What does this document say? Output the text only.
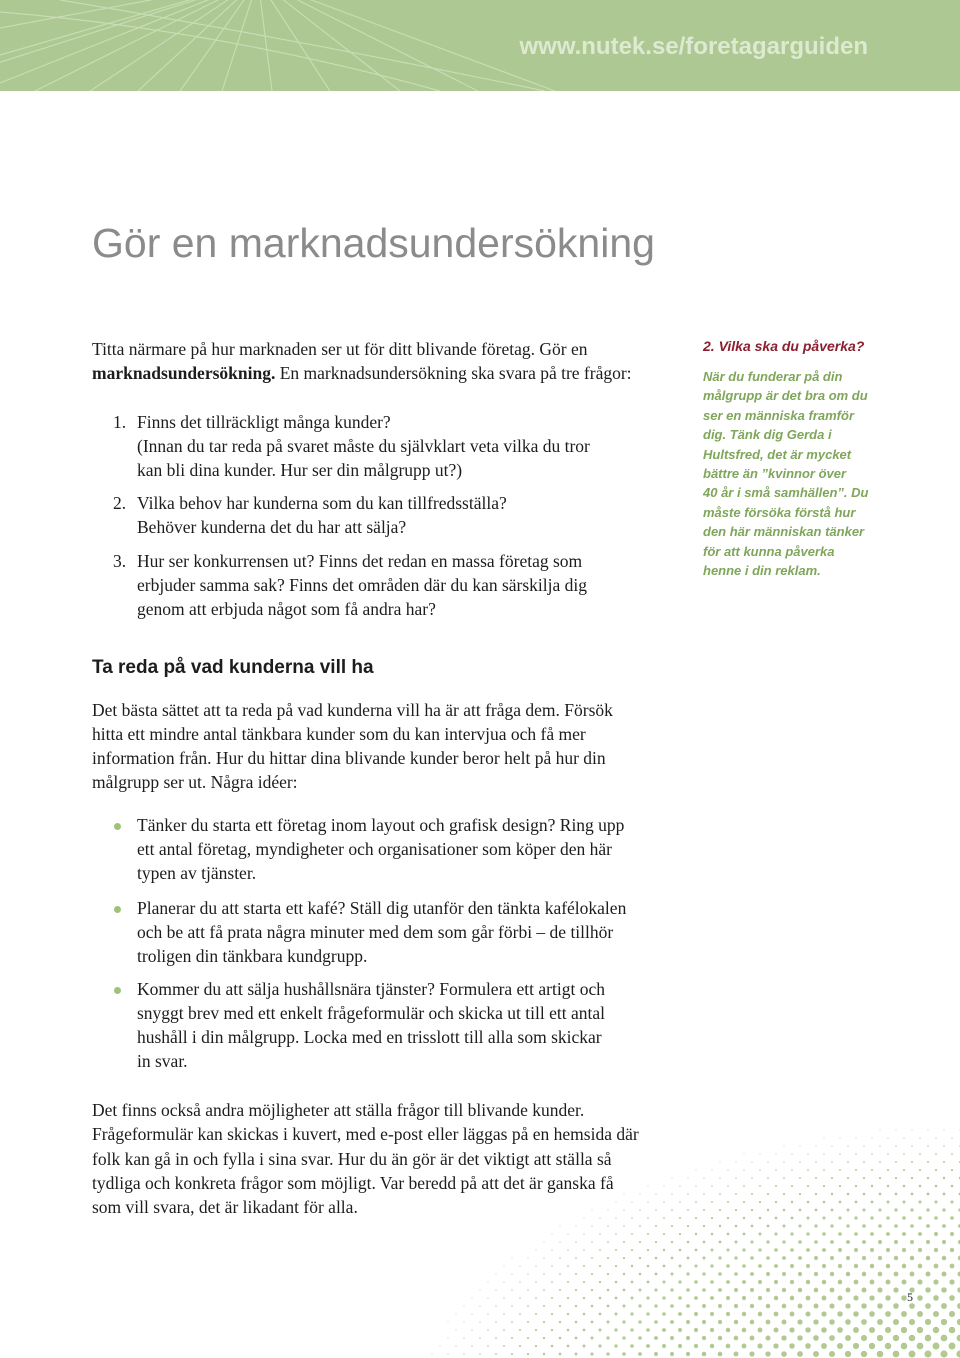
www.nutek.se/foretagarguiden
Gör en marknadsundersökning
Titta närmare på hur marknaden ser ut för ditt blivande företag. Gör en
marknadsundersökning. En marknadsundersökning ska svara på tre frågor:
1. Finns det tillräckligt många kunder?
(Innan du tar reda på svaret måste du självklart veta vilka du tror
kan bli dina kunder. Hur ser din målgrupp ut?)
2. Vilka behov har kunderna som du kan tillfredsställa?
Behöver kunderna det du har att sälja?
3. Hur ser konkurrensen ut? Finns det redan en massa företag som
erbjuder samma sak? Finns det områden där du kan särskilja dig
genom att erbjuda något som få andra har?
2. Vilka ska du påverka?
När du funderar på din
målgrupp är det bra om du
ser en människa framför
dig. Tänk dig Gerda i
Hultsfred, det är mycket
bättre än ”kvinnor över
40 år i små samhällen”. Du
måste försöka förstå hur
den här människan tänker
för att kunna påverka
henne i din reklam.
Ta reda på vad kunderna vill ha
Det bästa sättet att ta reda på vad kunderna vill ha är att fråga dem. Försök
hitta ett mindre antal tänkbara kunder som du kan intervjua och få mer
information från. Hur du hittar dina blivande kunder beror helt på hur din
målgrupp ser ut. Några idéer:
Tänker du starta ett företag inom layout och grafisk design? Ring upp
ett antal företag, myndigheter och organisationer som köper den här
typen av tjänster.
Planerar du att starta ett kafé? Ställ dig utanför den tänkta kafélokalen
och be att få prata några minuter med dem som går förbi – de tillhör
troligen din tänkbara kundgrupp.
Kommer du att sälja hushållsnära tjänster? Formulera ett artigt och
snyggt brev med ett enkelt frågeformulär och skicka ut till ett antal
hushåll i din målgrupp. Locka med en trisslott till alla som skickar
in svar.
Det finns också andra möjligheter att ställa frågor till blivande kunder.
Frågeformulär kan skickas i kuvert, med e-post eller läggas på en hemsida där
folk kan gå in och fylla i sina svar. Hur du än gör är det viktigt att ställa så
tydliga och konkreta frågor som möjligt. Var beredd på att det är ganska få
som vill svara, det är likadant för alla.
5
